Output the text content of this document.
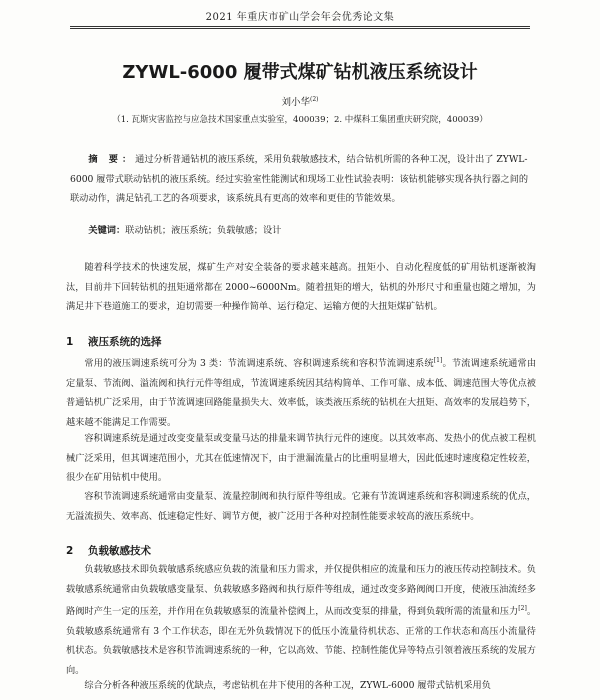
2021 年重庆市矿山学会年会优秀论文集
ZYWL-6000 履带式煤矿钻机液压系统设计
刘小华$^{(2)}$
（1. 瓦斯灾害监控与应急技术国家重点实验室，400039；2. 中煤科工集团重庆研究院，400039）
摘 要：通过分析普通钻机的液压系统，采用负载敏感技术，结合钻机所需的各种工况，设计出了 ZYWL-6000 履带式联动钻机的液压系统。经过实验室性能测试和现场工业性试验表明：该钻机能够实现各执行器之间的联动动作，满足钻孔工艺的各项要求，该系统具有更高的效率和更佳的节能效果。
关键词：联动钻机；液压系统；负载敏感；设计
随着科学技术的快速发展，煤矿生产对安全装备的要求越来越高。扭矩小、自动化程度低的矿用钻机逐渐被淘汰，目前井下回转钻机的扭矩通常都在 2000~6000Nm。随着扭矩的增大，钻机的外形尺寸和重量也随之增加，为满足井下巷道施工的要求，迫切需要一种操作简单、运行稳定、运输方便的大扭矩煤矿钻机。
1 液压系统的选择
常用的液压调速系统可分为 3 类：节流调速系统、容积调速系统和容积节流调速系统[1]。节流调速系统通常由定量泵、节流阀、溢流阀和执行元件等组成，节流调速系统因其结构简单、工作可靠、成本低、调速范围大等优点被普通钻机广泛采用，由于节流调速回路能量损失大、效率低，该类液压系统的钻机在大扭矩、高效率的发展趋势下，越来越不能满足工作需要。
容积调速系统是通过改变变量泵或变量马达的排量来调节执行元件的速度。以其效率高、发热小的优点被工程机械广泛采用，但其调速范围小，尤其在低速情况下，由于泄漏流量占的比重明显增大，因此低速时速度稳定性较差，很少在矿用钻机中使用。
容积节流调速系统通常由变量泵、流量控制阀和执行原件等组成。它兼有节流调速系统和容积调速系统的优点，无溢流损失、效率高、低速稳定性好、调节方便，被广泛用于各种对控制性能要求较高的液压系统中。
2 负载敏感技术
负载敏感技术即负载敏感系统感应负载的流量和压力需求，并仅提供相应的流量和压力的液压传动控制技术。负载敏感系统通常由负载敏感变量泵、负载敏感多路阀和执行原件等组成，通过改变多路阀阀口开度，使液压油流经多路阀时产生一定的压差，并作用在负载敏感泵的流量补偿阀上，从而改变泵的排量，得到负载所需的流量和压力[2]。负载敏感系统通常有 3 个工作状态，即在无外负载情况下的低压小流量待机状态、正常的工作状态和高压小流量待机状态。负载敏感技术是容积节流调速系统的一种，它以高效、节能、控制性能优异等特点引领着液压系统的发展方向。
综合分析各种液压系统的优缺点，考虑钻机在井下使用的各种工况，ZYWL-6000 履带式钻机采用负
